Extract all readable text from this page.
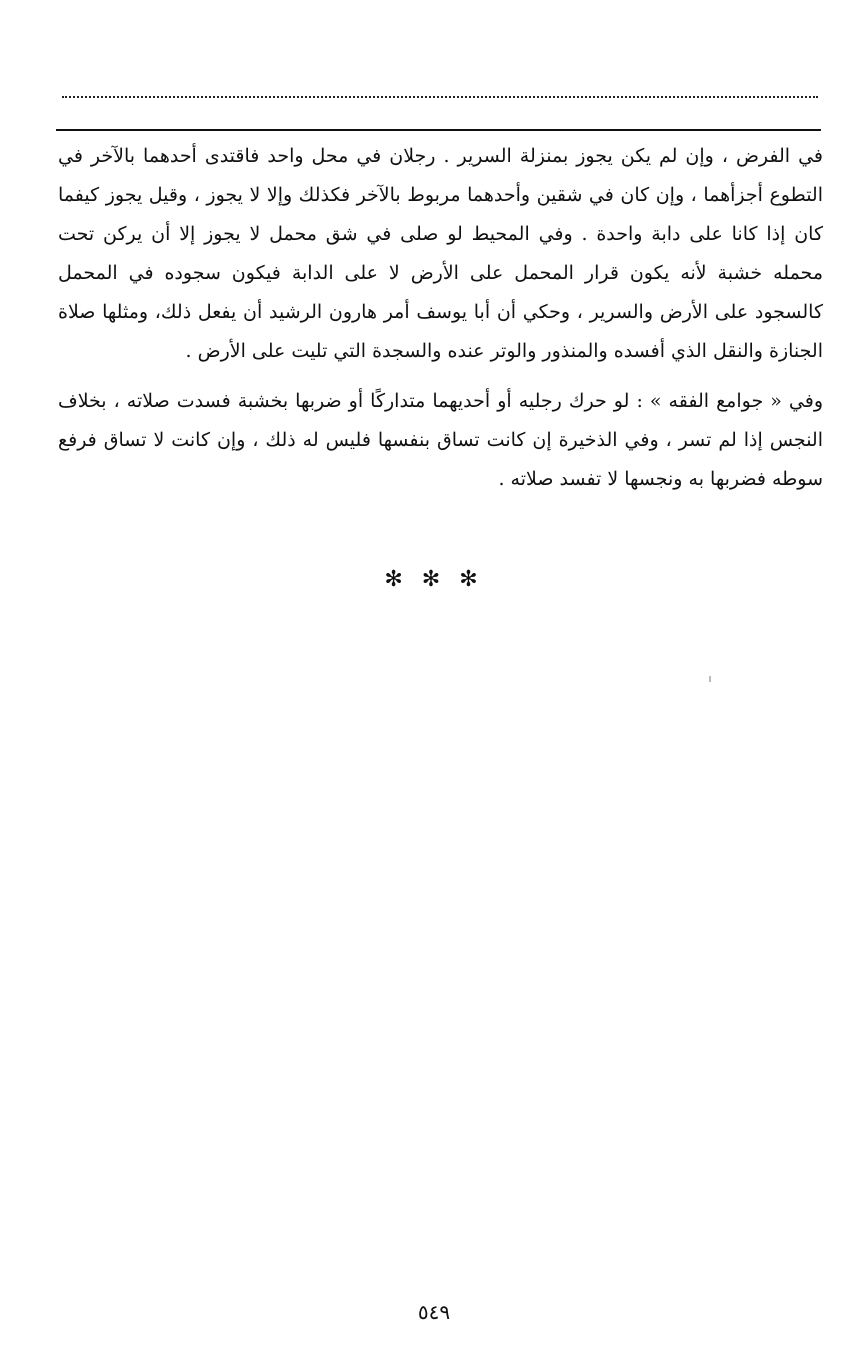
في الفرض ، وإن لم يكن يجوز بمنزلة السرير . رجلان في محل واحد فاقتدى أحدهما بالآخر في التطوع أجزأهما ، وإن كان في شقين وأحدهما مربوط بالآخر فكذلك وإلا لا يجوز ، وقيل يجوز كيفما كان إذا كانا على دابة واحدة . وفي المحيط لو صلى في شق محمل لا يجوز إلا أن يركن تحت محمله خشبة لأنه يكون قرار المحمل على الأرض لا على الدابة فيكون سجوده في المحمل كالسجود على الأرض والسرير ، وحكي أن أبا يوسف أمر هارون الرشيد أن يفعل ذلك، ومثلها صلاة الجنازة والنقل الذي أفسده والمنذور والوتر عنده والسجدة التي تليت على الأرض .

وفي « جوامع الفقه » : لو حرك رجليه أو أحديهما متداركًا أو ضربها بخشبة فسدت صلاته ، بخلاف النجس إذا لم تسر ، وفي الذخيرة إن كانت تساق بنفسها فليس له ذلك ، وإن كانت لا تساق فرفع سوطه فضربها به ونجسها لا تفسد صلاته .

✻ ✻ ✻
٥٤٩
